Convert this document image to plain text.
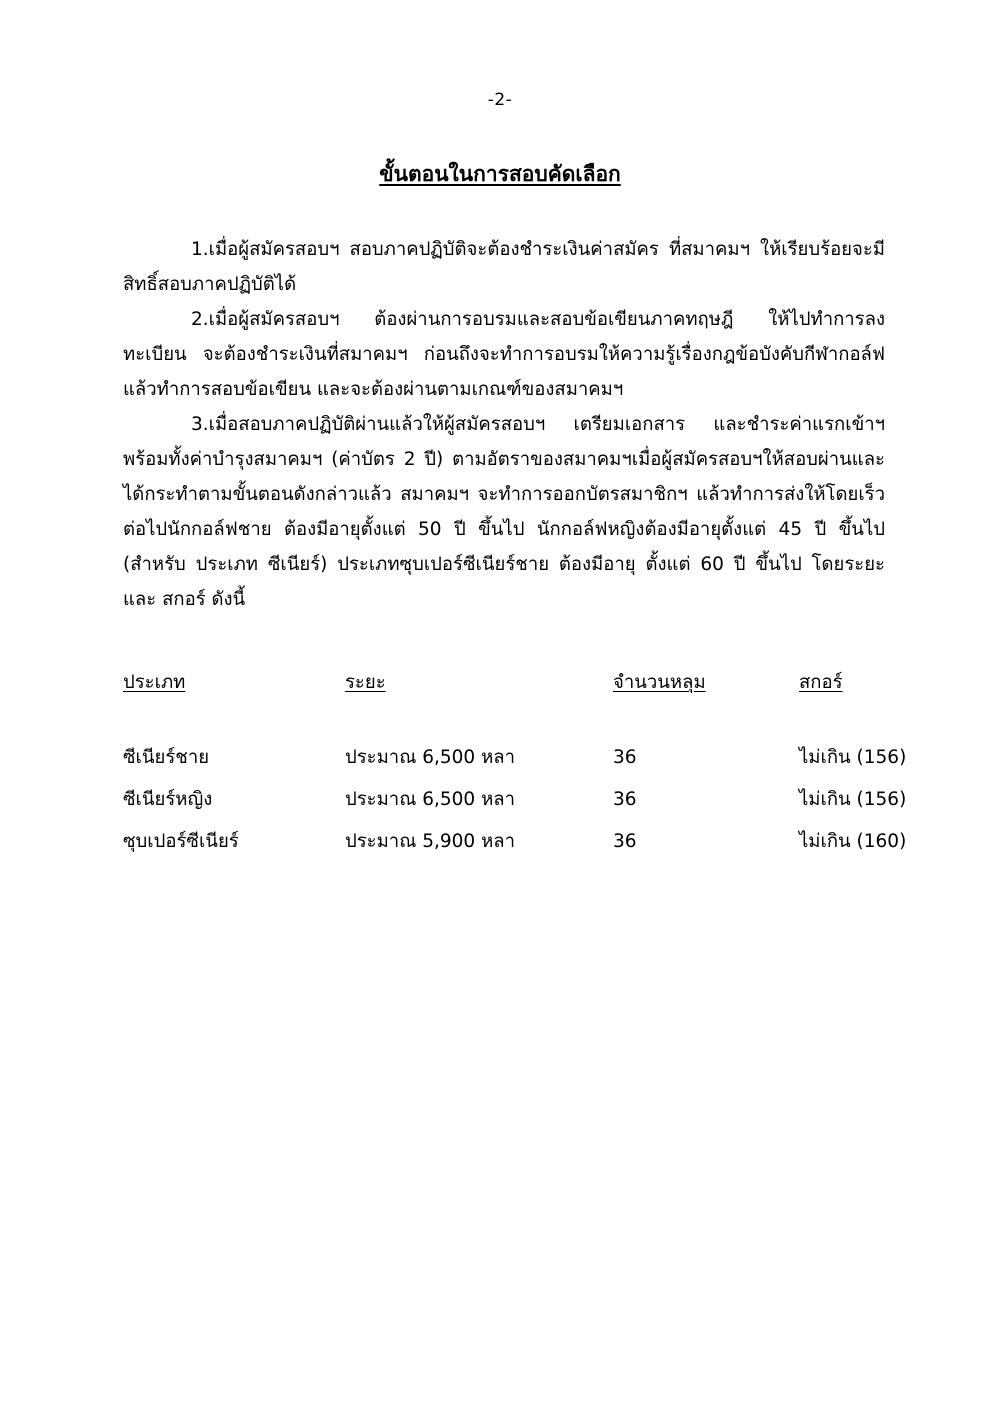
-2-
ขั้นตอนในการสอบคัดเลือก

1.เมื่อผู้สมัครสอบฯ สอบภาคปฏิบัติจะต้องชำระเงินค่าสมัคร ที่สมาคมฯ ให้เรียบร้อยจะมีสิทธิ์สอบภาคปฏิบัติได้

2.เมื่อผู้สมัครสอบฯ ต้องผ่านการอบรมและสอบข้อเขียนภาคทฤษฎี ให้ไปทำการลงทะเบียน จะต้องชำระเงินที่สมาคมฯ ก่อนถึงจะทำการอบรมให้ความรู้เรื่องกฎข้อบังคับกีฬากอล์ฟ แล้วทำการสอบข้อเขียน และจะต้องผ่านตามเกณฑ์ของสมาคมฯ

3.เมื่อสอบภาคปฏิบัติผ่านแล้วให้ผู้สมัครสอบฯ เตรียมเอกสาร และชำระค่าแรกเข้าฯ พร้อมทั้งค่าบำรุงสมาคมฯ (ค่าบัตร 2 ปี) ตามอัตราของสมาคมฯเมื่อผู้สมัครสอบฯให้สอบผ่านและได้กระทำตามขั้นตอนดังกล่าวแล้ว สมาคมฯ จะทำการออกบัตรสมาชิกฯ แล้วทำการส่งให้โดยเร็วต่อไปนักกอล์ฟชาย ต้องมีอายุตั้งแต่ 50 ปี ขึ้นไป นักกอล์ฟหญิงต้องมีอายุตั้งแต่ 45 ปี ขึ้นไป (สำหรับ ประเภท ซีเนียร์) ประเภทซุบเปอร์ซีเนียร์ชาย ต้องมีอายุ ตั้งแต่ 60 ปี ขึ้นไป โดยระยะ และ สกอร์ ดังนี้

ประเภท	ระยะ	จำนวนหลุม	สกอร์
ซีเนียร์ชาย	ประมาณ 6,500 หลา	36	ไม่เกิน (156)
ซีเนียร์หญิง	ประมาณ 6,500 หลา	36	ไม่เกิน (156)
ซุบเปอร์ซีเนียร์	ประมาณ 5,900 หลา	36	ไม่เกิน (160)
